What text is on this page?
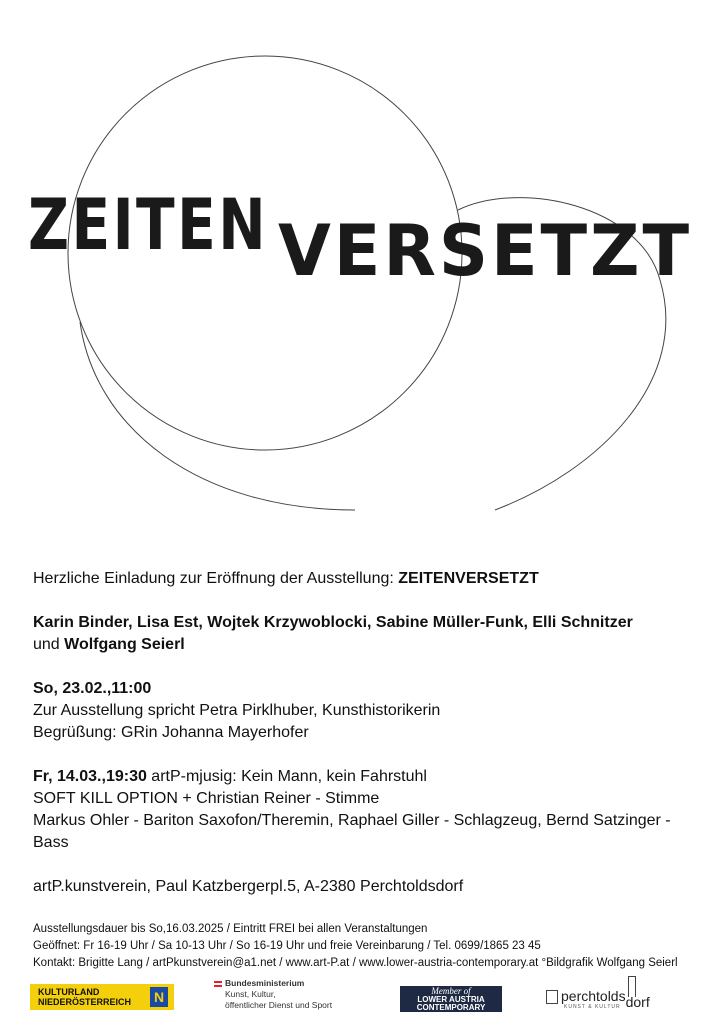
ZEITEN VERSETZT

Herzliche Einladung zur Eröffnung der Ausstellung: ZEITENVERSETZT

Karin Binder, Lisa Est, Wojtek Krzywoblocki, Sabine Müller-Funk, Elli Schnitzer

und Wolfgang Seierl

So, 23.02.,11:00

Zur Ausstellung spricht Petra Pirklhuber, Kunsthistorikerin

Begrüßung: GRin Johanna Mayerhofer

Fr, 14.03.,19:30 artP-mjusig: Kein Mann, kein Fahrstuhl

SOFT KILL OPTION + Christian Reiner - Stimme

Markus Ohler - Bariton Saxofon/Theremin, Raphael Giller - Schlagzeug, Bernd Satzinger - Bass

artP.kunstverein, Paul Katzbergerpl.5, A-2380 Perchtoldsdorf

Ausstellungsdauer bis So,16.03.2025 / Eintritt FREI bei allen Veranstaltungen

Geöffnet: Fr 16-19 Uhr / Sa 10-13 Uhr / So 16-19 Uhr und freie Vereinbarung / Tel. 0699/1865 23 45

Kontakt: Brigitte Lang / artPkunstverein@a1.net / www.art-P.at / www.lower-austria-contemporary.at °Bildgrafik Wolfgang Seierl

KULTURLAND
NIEDERÖSTERREICH	N
Bundesministerium
Kunst, Kultur,
öffentlicher Dienst und Sport
Member of
LOWER AUSTRIA
CONTEMPORARY
perchtolds
dorf
KUNST & KULTUR
